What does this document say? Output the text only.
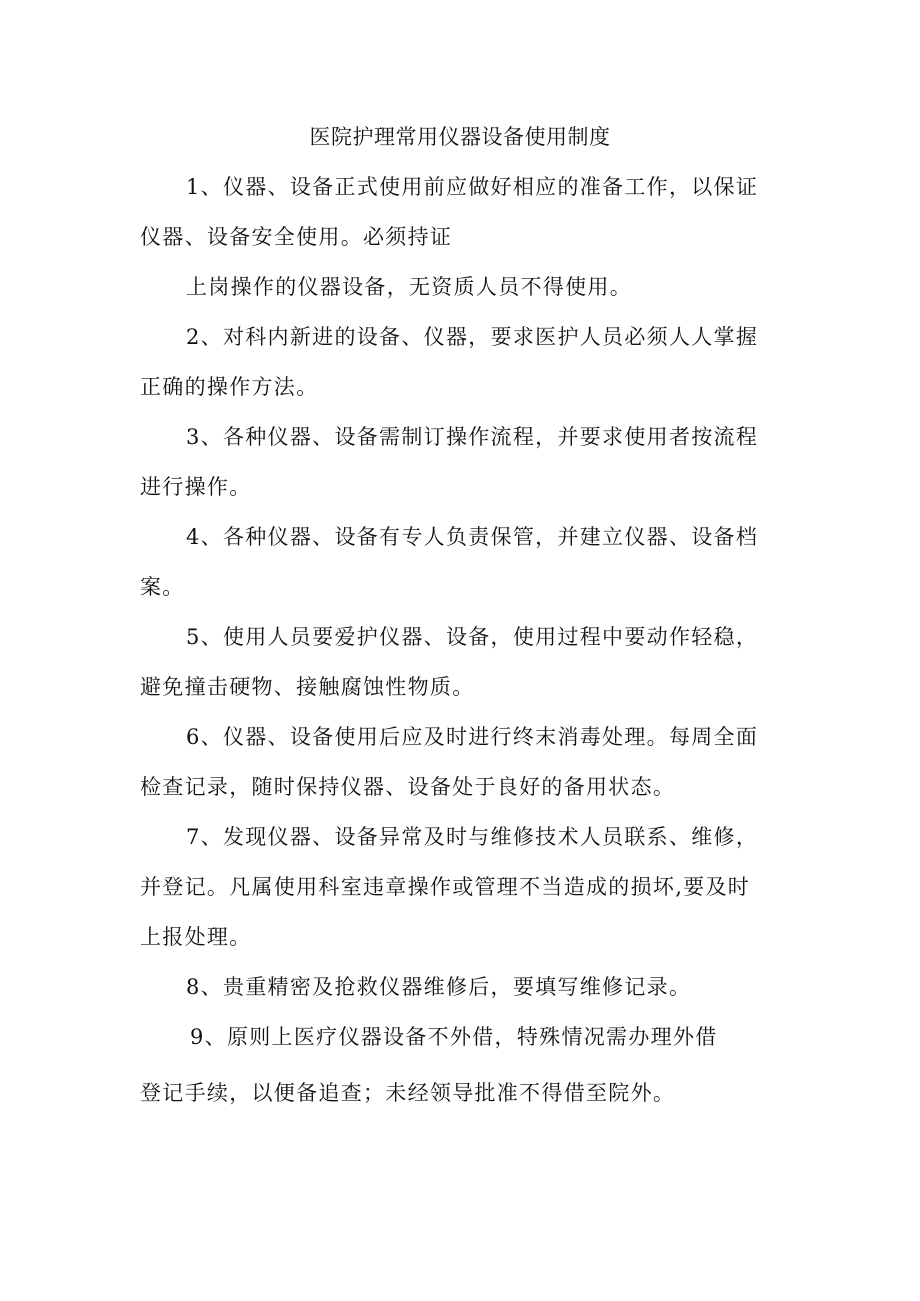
医院护理常用仪器设备使用制度
1、仪器、设备正式使用前应做好相应的准备工作，以保证
仪器、设备安全使用。必须持证
上岗操作的仪器设备，无资质人员不得使用。
2、对科内新进的设备、仪器，要求医护人员必须人人掌握
正确的操作方法。
3、各种仪器、设备需制订操作流程，并要求使用者按流程
进行操作。
4、各种仪器、设备有专人负责保管，并建立仪器、设备档
案。
5、使用人员要爱护仪器、设备，使用过程中要动作轻稳，
避免撞击硬物、接触腐蚀性物质。
6、仪器、设备使用后应及时进行终末消毒处理。每周全面
检查记录，随时保持仪器、设备处于良好的备用状态。
7、发现仪器、设备异常及时与维修技术人员联系、维修，
并登记。凡属使用科室违章操作或管理不当造成的损坏,要及时
上报处理。
8、贵重精密及抢救仪器维修后，要填写维修记录。
9、原则上医疗仪器设备不外借，特殊情况需办理外借
登记手续，以便备追查；未经领导批准不得借至院外。
